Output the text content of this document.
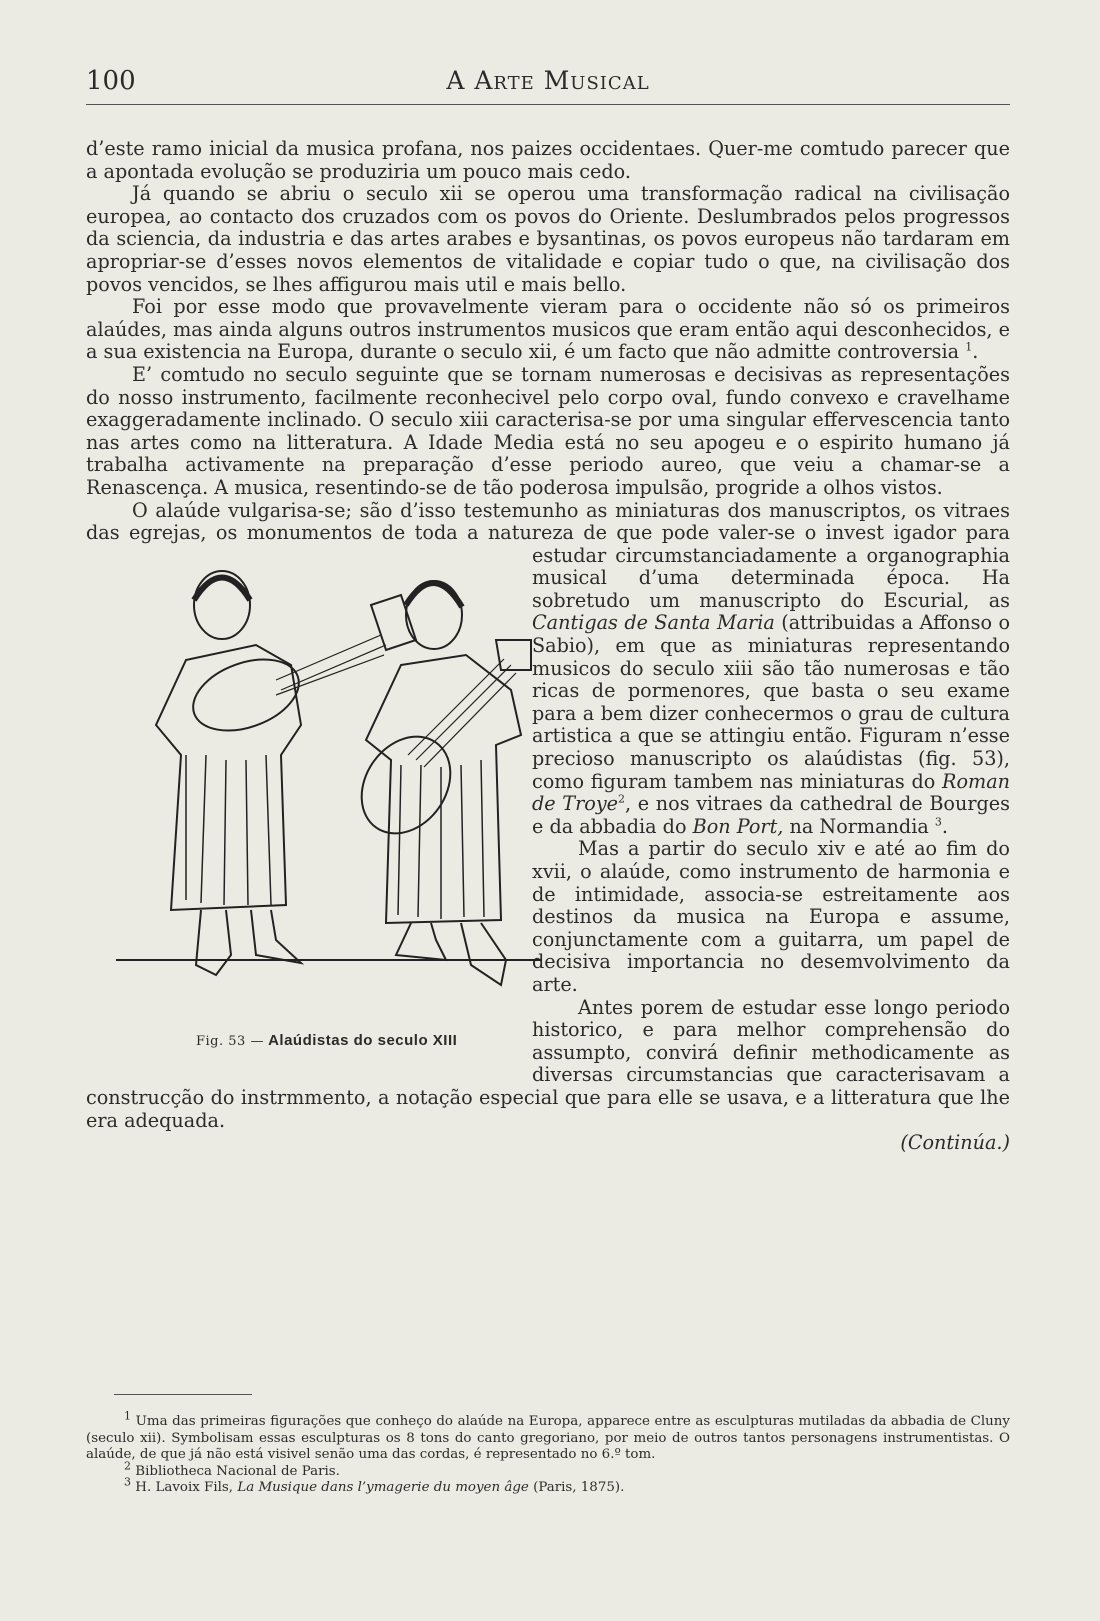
100	A Arte Musical

d’este ramo inicial da musica profana, nos paizes occidentaes. Quer-me comtudo parecer que a apontada evolução se produziria um pouco mais cedo.

Já quando se abriu o seculo xii se operou uma transformação radical na civilisação europea, ao contacto dos cruzados com os povos do Oriente. Deslumbrados pelos progressos da sciencia, da industria e das artes arabes e bysantinas, os povos europeus não tardaram em apropriar-se d’esses novos elementos de vitalidade e copiar tudo o que, na civilisação dos povos vencidos, se lhes affigurou mais util e mais bello.

Foi por esse modo que provavelmente vieram para o occidente não só os primeiros alaúdes, mas ainda alguns outros instrumentos musicos que eram então aqui desconhecidos, e a sua existencia na Europa, durante o seculo xii, é um facto que não admitte controversia $^1$.

E’ comtudo no seculo seguinte que se tornam numerosas e decisivas as representações do nosso instrumento, facilmente reconhecivel pelo corpo oval, fundo convexo e cravelhame exaggeradamente inclinado. O seculo xiii caracterisa-se por uma singular effervescencia tanto nas artes como na litteratura. A Idade Media está no seu apogeu e o espirito humano já trabalha activamente na preparação d’esse periodo aureo, que veiu a chamar-se a Renascença. A musica, resentindo-se de tão poderosa impulsão, progride a olhos vistos.

O alaúde vulgarisa-se; são d’isso testemunho as miniaturas dos manuscriptos, os vitraes das egrejas, os monumentos de toda a natureza de que pode valer-se o invest
Fig. 53 — Alaúdistas do seculo XIII
igador para estudar circumstanciadamente a organographia musical d’uma determinada época. Ha sobretudo um manuscripto do Escurial, as Cantigas de Santa Maria (attribuidas a Affonso o Sabio), em que as miniaturas representando musicos do seculo xiii são tão numerosas e tão ricas de pormenores, que basta o seu exame para a bem dizer conhecermos o grau de cultura artistica a que se attingiu então. Figuram n’esse precioso manuscripto os alaúdistas (fig. 53), como figuram tambem nas miniaturas do Roman de Troye$^2$, e nos vitraes da cathedral de Bourges e da abbadia do Bon Port, na Normandia $^3$.

Mas a partir do seculo xiv e até ao fim do xvii, o alaúde, como instrumento de harmonia e de intimidade, associa-se estreitamente aos destinos da musica na Europa e assume, conjunctamente com a guitarra, um papel de decisiva importancia no desemvolvimento da arte.

Antes porem de estudar esse longo periodo historico, e para melhor comprehensão do assumpto, convirá definir methodicamente as diversas circumstancias que caracterisavam a construcção do instrmmento, a notação especial que para elle se usava, e a litteratura que lhe era adequada.

(Continúa.)

$^1$ Uma das primeiras figurações que conheço do alaúde na Europa, apparece entre as esculpturas mutiladas da abbadia de Cluny (seculo xii). Symbolisam essas esculpturas os 8 tons do canto gregoriano, por meio de outros tantos personagens instrumentistas. O alaúde, de que já não está visivel senão uma das cordas, é representado no 6.º tom.

$^2$ Bibliotheca Nacional de Paris.

$^3$ H. Lavoix Fils, La Musique dans l’ymagerie du moyen âge (Paris, 1875).
